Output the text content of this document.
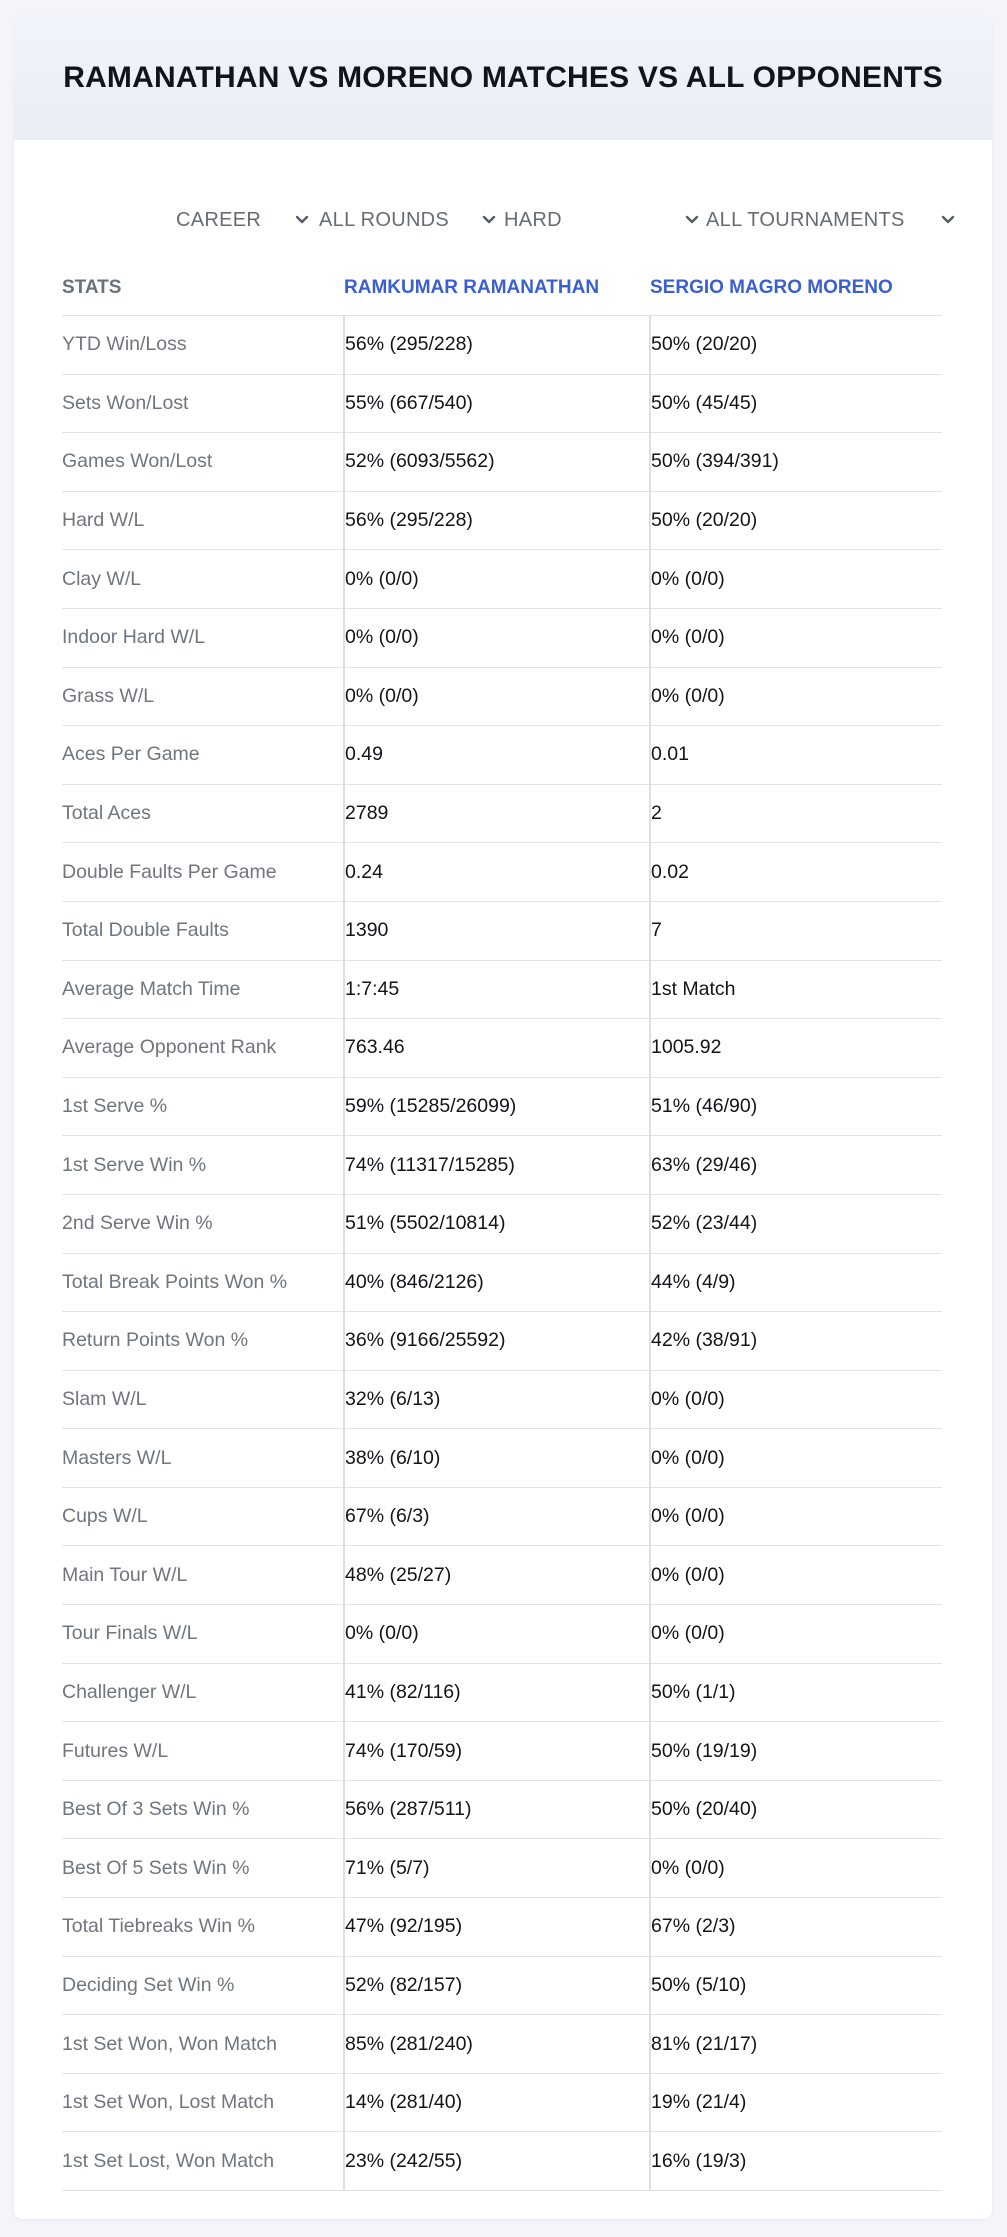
RAMANATHAN VS MORENO MATCHES VS ALL OPPONENTS
CAREER	ALL ROUNDS	HARD	ALL TOURNAMENTS
STATS	RAMKUMAR RAMANATHAN	SERGIO MAGRO MORENO
YTD Win/Loss	56% (295/228)	50% (20/20)
Sets Won/Lost	55% (667/540)	50% (45/45)
Games Won/Lost	52% (6093/5562)	50% (394/391)
Hard W/L	56% (295/228)	50% (20/20)
Clay W/L	0% (0/0)	0% (0/0)
Indoor Hard W/L	0% (0/0)	0% (0/0)
Grass W/L	0% (0/0)	0% (0/0)
Aces Per Game	0.49	0.01
Total Aces	2789	2
Double Faults Per Game	0.24	0.02
Total Double Faults	1390	7
Average Match Time	1:7:45	1st Match
Average Opponent Rank	763.46	1005.92
1st Serve %	59% (15285/26099)	51% (46/90)
1st Serve Win %	74% (11317/15285)	63% (29/46)
2nd Serve Win %	51% (5502/10814)	52% (23/44)
Total Break Points Won %	40% (846/2126)	44% (4/9)
Return Points Won %	36% (9166/25592)	42% (38/91)
Slam W/L	32% (6/13)	0% (0/0)
Masters W/L	38% (6/10)	0% (0/0)
Cups W/L	67% (6/3)	0% (0/0)
Main Tour W/L	48% (25/27)	0% (0/0)
Tour Finals W/L	0% (0/0)	0% (0/0)
Challenger W/L	41% (82/116)	50% (1/1)
Futures W/L	74% (170/59)	50% (19/19)
Best Of 3 Sets Win %	56% (287/511)	50% (20/40)
Best Of 5 Sets Win %	71% (5/7)	0% (0/0)
Total Tiebreaks Win %	47% (92/195)	67% (2/3)
Deciding Set Win %	52% (82/157)	50% (5/10)
1st Set Won, Won Match	85% (281/240)	81% (21/17)
1st Set Won, Lost Match	14% (281/40)	19% (21/4)
1st Set Lost, Won Match	23% (242/55)	16% (19/3)
